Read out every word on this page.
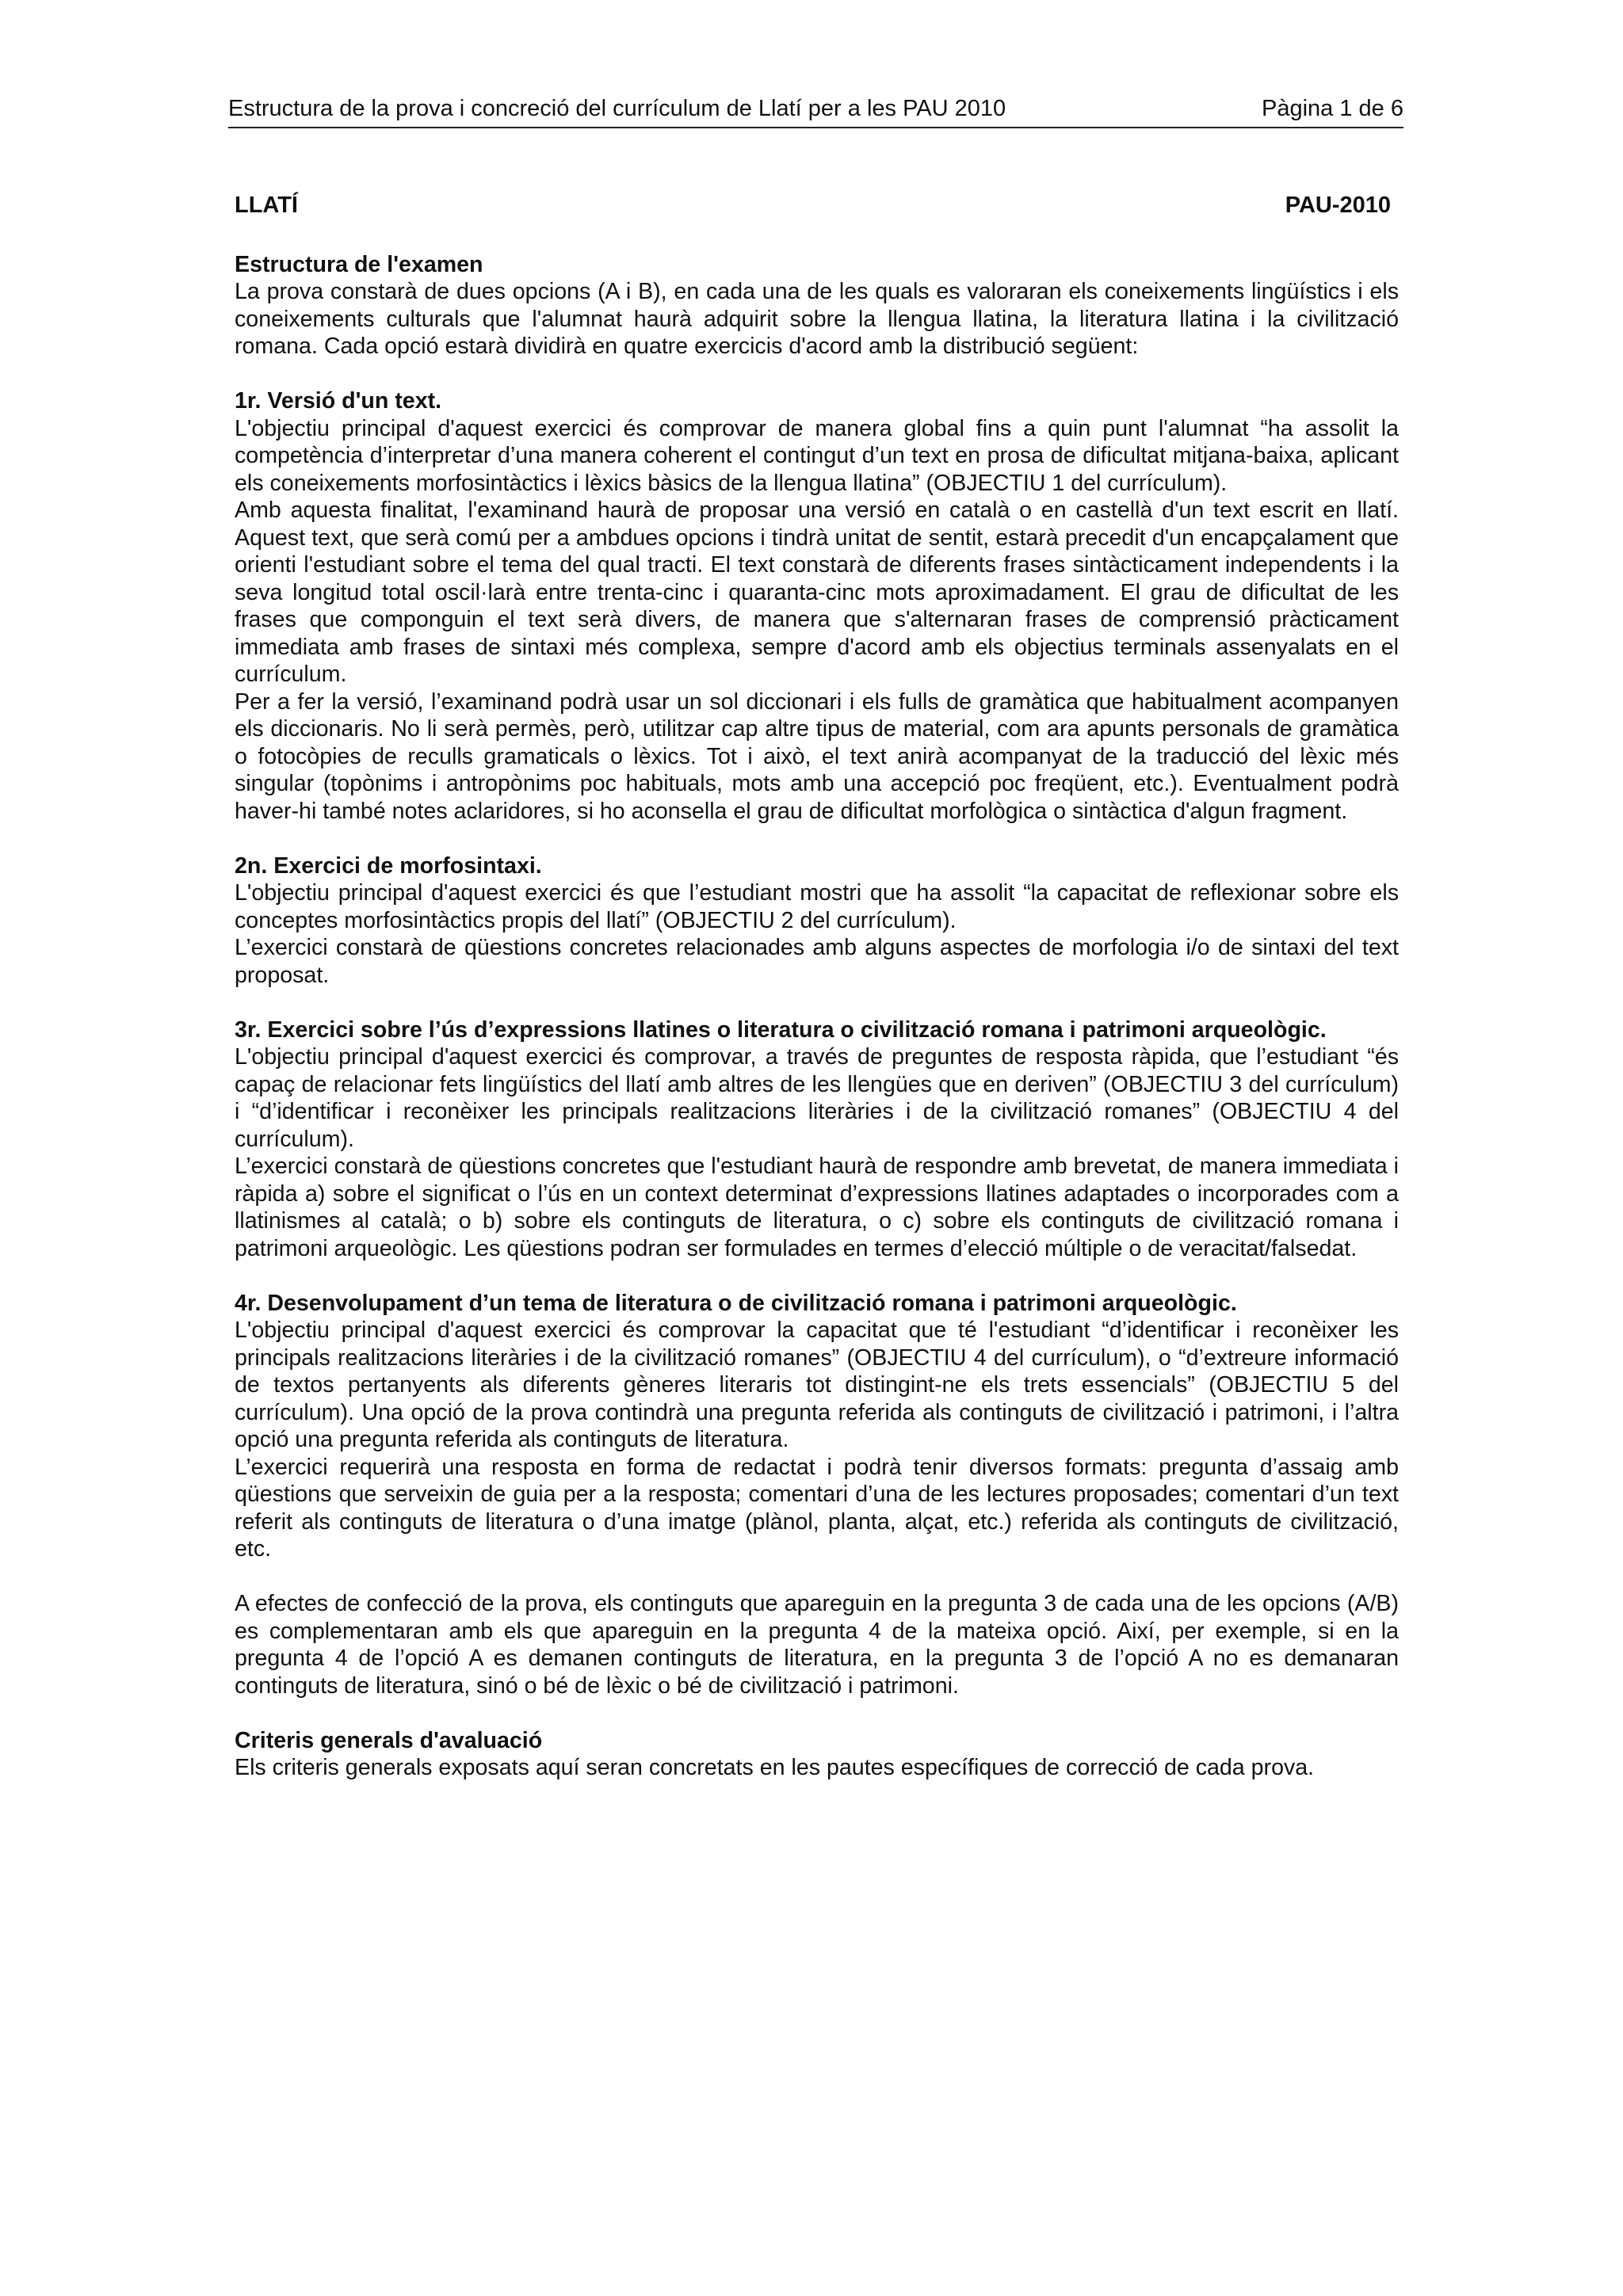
Estructura de la prova i concreció del currículum de Llatí per a les PAU 2010	Pàgina 1 de 6
LLATÍ	PAU-2010
Estructura de l'examen

La prova constarà de dues opcions (A i B), en cada una de les quals es valoraran els coneixements lingüístics i els coneixements culturals que l'alumnat haurà adquirit sobre la llengua llatina, la literatura llatina i la civilització romana. Cada opció estarà dividirà en quatre exercicis d'acord amb la distribució següent:

1r. Versió d'un text.

L'objectiu principal d'aquest exercici és comprovar de manera global fins a quin punt l'alumnat “ha assolit la competència d’interpretar d’una manera coherent el contingut d’un text en prosa de dificultat mitjana-baixa, aplicant els coneixements morfosintàctics i lèxics bàsics de la llengua llatina” (OBJECTIU 1 del currículum).

Amb aquesta finalitat, l'examinand haurà de proposar una versió en català o en castellà d'un text escrit en llatí. Aquest text, que serà comú per a ambdues opcions i tindrà unitat de sentit, estarà precedit d'un encapçalament que orienti l'estudiant sobre el tema del qual tracti. El text constarà de diferents frases sintàcticament independents i la seva longitud total oscil·larà entre trenta-cinc i quaranta-cinc mots aproximadament. El grau de dificultat de les frases que componguin el text serà divers, de manera que s'alternaran frases de comprensió pràcticament immediata amb frases de sintaxi més complexa, sempre d'acord amb els objectius terminals assenyalats en el currículum.

Per a fer la versió, l’examinand podrà usar un sol diccionari i els fulls de gramàtica que habitualment acompanyen els diccionaris. No li serà permès, però, utilitzar cap altre tipus de material, com ara apunts personals de gramàtica o fotocòpies de reculls gramaticals o lèxics. Tot i això, el text anirà acompanyat de la traducció del lèxic més singular (topònims i antropònims poc habituals, mots amb una accepció poc freqüent, etc.). Eventualment podrà haver-hi també notes aclaridores, si ho aconsella el grau de dificultat morfològica o sintàctica d'algun fragment.

2n. Exercici de morfosintaxi.

L'objectiu principal d'aquest exercici és que l’estudiant mostri que ha assolit “la capacitat de reflexionar sobre els conceptes morfosintàctics propis del llatí” (OBJECTIU 2 del currículum).

L’exercici constarà de qüestions concretes relacionades amb alguns aspectes de morfologia i/o de sintaxi del text proposat.

3r. Exercici sobre l’ús d’expressions llatines o literatura o civilització romana i patrimoni arqueològic.

L'objectiu principal d'aquest exercici és comprovar, a través de preguntes de resposta ràpida, que l’estudiant “és capaç de relacionar fets lingüístics del llatí amb altres de les llengües que en deriven” (OBJECTIU 3 del currículum) i “d’identificar i reconèixer les principals realitzacions literàries i de la civilització romanes” (OBJECTIU 4 del currículum).

L’exercici constarà de qüestions concretes que l'estudiant haurà de respondre amb brevetat, de manera immediata i ràpida a) sobre el significat o l’ús en un context determinat d’expressions llatines adaptades o incorporades com a llatinismes al català; o b) sobre els continguts de literatura, o c) sobre els continguts de civilització romana i patrimoni arqueològic. Les qüestions podran ser formulades en termes d’elecció múltiple o de veracitat/falsedat.

4r. Desenvolupament d’un tema de literatura o de civilització romana i patrimoni arqueològic.

L'objectiu principal d'aquest exercici és comprovar la capacitat que té l'estudiant “d’identificar i reconèixer les principals realitzacions literàries i de la civilització romanes” (OBJECTIU 4 del currículum), o “d’extreure informació de textos pertanyents als diferents gèneres literaris tot distingint-ne els trets essencials” (OBJECTIU 5 del currículum). Una opció de la prova contindrà una pregunta referida als continguts de civilització i patrimoni, i l’altra opció una pregunta referida als continguts de literatura.

L’exercici requerirà una resposta en forma de redactat i podrà tenir diversos formats: pregunta d’assaig amb qüestions que serveixin de guia per a la resposta; comentari d’una de les lectures proposades; comentari d’un text referit als continguts de literatura o d’una imatge (plànol, planta, alçat, etc.) referida als continguts de civilització, etc.

A efectes de confecció de la prova, els continguts que apareguin en la pregunta 3 de cada una de les opcions (A/B) es complementaran amb els que apareguin en la pregunta 4 de la mateixa opció. Així, per exemple, si en la pregunta 4 de l’opció A es demanen continguts de literatura, en la pregunta 3 de l’opció A no es demanaran continguts de literatura, sinó o bé de lèxic o bé de civilització i patrimoni.

Criteris generals d'avaluació

Els criteris generals exposats aquí seran concretats en les pautes específiques de correcció de cada prova.
